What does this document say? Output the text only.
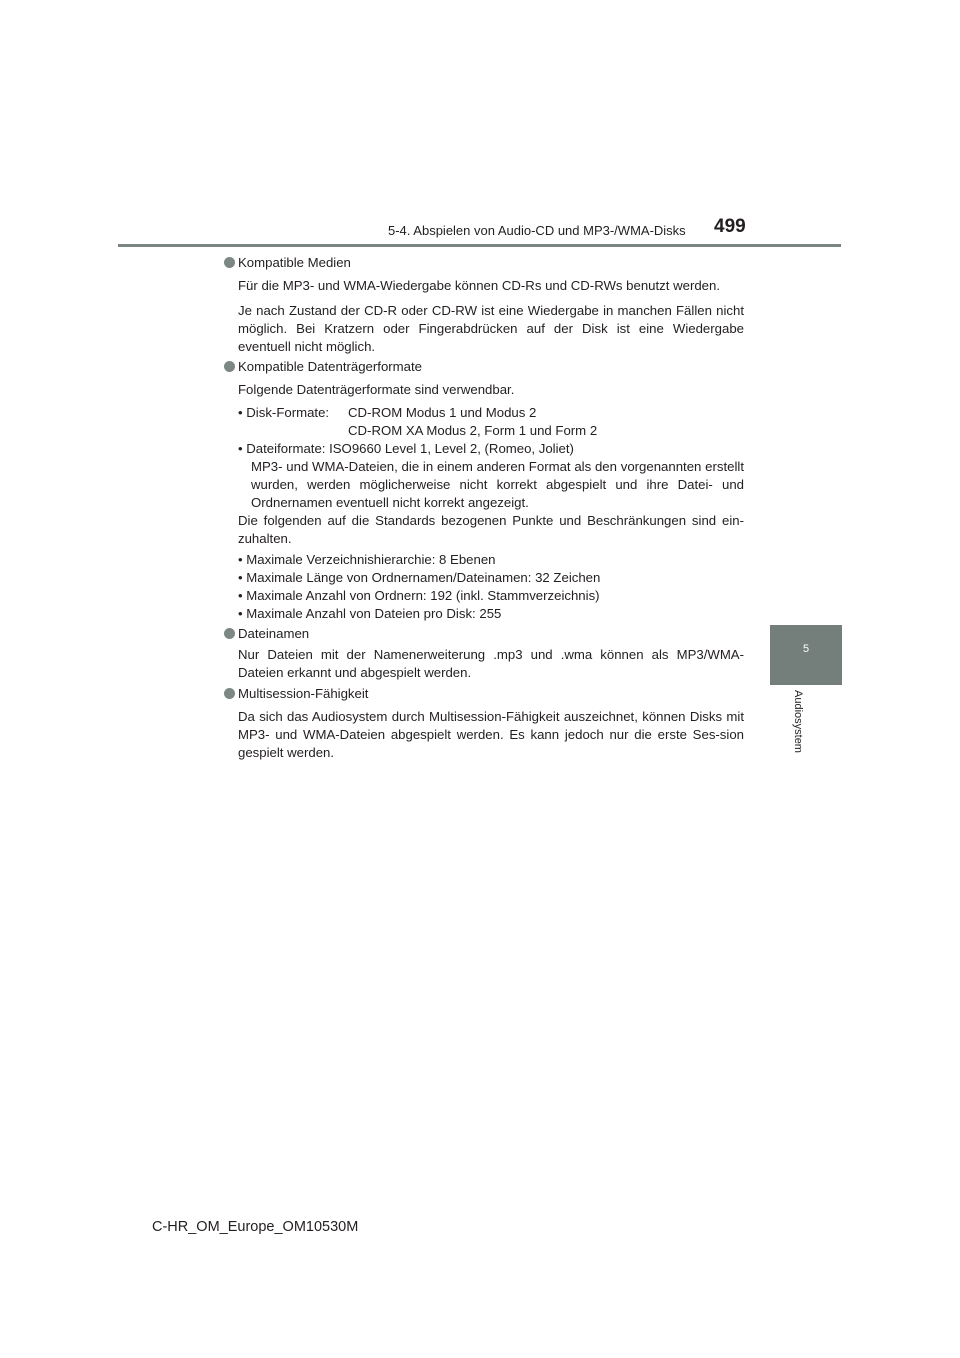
5-4. Abspielen von Audio-CD und MP3-/WMA-Disks 499
5
Audiosystem
Kompatible Medien
Für die MP3- und WMA-Wiedergabe können CD-Rs und CD-RWs benutzt werden.
Je nach Zustand der CD-R oder CD-RW ist eine Wiedergabe in manchen Fällen nicht möglich. Bei Kratzern oder Fingerabdrücken auf der Disk ist eine Wiedergabe eventuell nicht möglich.
Kompatible Datenträgerformate
Folgende Datenträgerformate sind verwendbar.
• Disk-Formate: CD-ROM Modus 1 und Modus 2
CD-ROM XA Modus 2, Form 1 und Form 2
• Dateiformate: ISO9660 Level 1, Level 2, (Romeo, Joliet)
MP3- und WMA-Dateien, die in einem anderen Format als den vorgenannten erstellt wurden, werden möglicherweise nicht korrekt abgespielt und ihre Datei- und Ordnernamen eventuell nicht korrekt angezeigt.
Die folgenden auf die Standards bezogenen Punkte und Beschränkungen sind ein-zuhalten.
• Maximale Verzeichnishierarchie: 8 Ebenen
• Maximale Länge von Ordnernamen/Dateinamen: 32 Zeichen
• Maximale Anzahl von Ordnern: 192 (inkl. Stammverzeichnis)
• Maximale Anzahl von Dateien pro Disk: 255
Dateinamen
Nur Dateien mit der Namenerweiterung .mp3 und .wma können als MP3/WMA-Dateien erkannt und abgespielt werden.
Multisession-Fähigkeit
Da sich das Audiosystem durch Multisession-Fähigkeit auszeichnet, können Disks mit MP3- und WMA-Dateien abgespielt werden. Es kann jedoch nur die erste Ses-sion gespielt werden.
C-HR_OM_Europe_OM10530M
